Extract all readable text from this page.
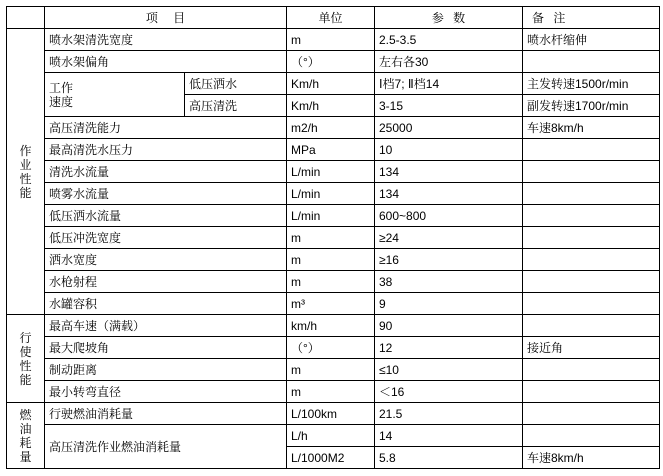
	项 目		单位	参 数	备 注

作
业
性
能	喷水架清洗宽度		m	2.5-3.5	喷水杆缩伸
	喷水架偏角		（°）	左右各30	

	工作
速度	低压洒水	Km/h	Ⅰ档7; Ⅱ档14	主发转速1500r/min
		高压清洗	Km/h	3-15	副发转速1700r/min
	高压清洗能力		m2/h	25000	车速8km/h
	最高清洗水压力		MPa	10	
	清洗水流量		L/min	134	
	喷雾水流量		L/min	134	
	低压洒水流量		L/min	600~800	
	低压冲洗宽度		m	≥24	
	洒水宽度		m	≥16	
	水枪射程		m	38	
	水罐容积		m³	9	

行
使
性
能	最高车速（满载）		km/h	90	
	最大爬坡角		（°）	12	接近角
	制动距离		m	≤10	
	最小转弯直径		m	＜16	

燃
油
耗
量	行驶燃油消耗量		L/100km	21.5	
	高压清洗作业燃油消耗量		L/h	14	
			L/1000M2	5.8	车速8km/h
